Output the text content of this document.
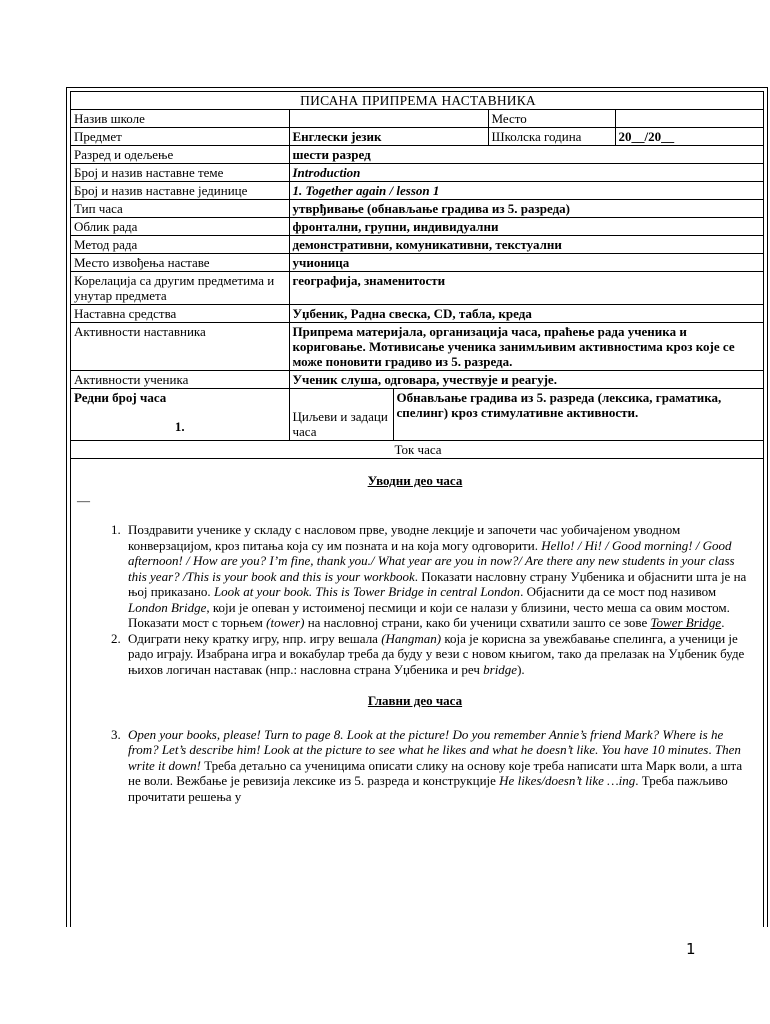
ПИСАНА ПРИПРЕМА НАСТАВНИКА				
Назив школе			Место	
Предмет	Енглески језик		Школска година	20__/20__
Разред и одељење	шести разред			
Број и назив наставне теме	Introduction			
Број и назив наставне јединице	1. Together again / lesson 1			
Тип часа	утврђивање (обнављање градива из 5. разреда)			
Облик рада	фронтални, групни, индивидуални			
Метод рада	демонстративни, комуникативни, текстуални			
Место извођења наставе	учионица			
Корелација са другим предметима и унутар предмета	географија, знаменитости			
Наставна средства	Уџбеник, Радна свеска, CD, табла, креда			
Активности наставника	Припрема материјала, организација часа, праћење рада ученика и кориговање. Мотивисање ученика занимљивим активностима кроз које се може поновити градиво из 5. разреда.			
Активности ученика	Ученик слуша, одговара, учествује и реагује.			

Редни број часа
1.	Циљеви и задаци часа	Обнављање градива из 5. разреда (лексика, граматика, спелинг) кроз стимулативне активности.		
Ток часа				

Уводни део часа

—
1. Поздравити ученике у складу с насловом прве, уводне лекције и започети час уобичајеном уводном конверзацијом, кроз питања која су им позната и на која могу одговорити. Hello! / Hi! / Good morning! / Good afternoon! / How are you? I’m fine, thank you./ What year are you in now?/ Are there any new students in your class this year? /This is your book and this is your workbook. Показати насловну страну Уџбеника и објаснити шта је на њој приказано. Look at your book. This is Tower Bridge in central London. Објаснити да се мост под називом London Bridge, који је опеван у истоименој песмици и који се налази у близини, често меша са овим мостом. Показати мост с торњем (tower) на насловној страни, како би ученици схватили зашто се зове Tower Bridge.
2. Одиграти неку кратку игру, нпр. игру вешала (Hangman) која је корисна за увежбавање спелинга, а ученици је радо играју. Изабрана игра и вокабулар треба да буду у вези с новом књигом, тако да прелазак на Уџбеник буде њихов логичан наставак (нпр.: насловна страна Уџбеника и реч bridge).

Главни део часа

3. Open your books, please! Turn to page 8. Look at the picture! Do you remember Annie’s friend Mark? Where is he from? Let’s describe him! Look at the picture to see what he likes and what he doesn’t like. You have 10 minutes. Then write it down! Треба детаљно са ученицима описати слику на основу које треба написати шта Марк воли, а шта не воли. Вежбање је ревизија лексике из 5. разреда и конструкције He likes/doesn’t like …ing. Треба пажљиво прочитати решења у
1
